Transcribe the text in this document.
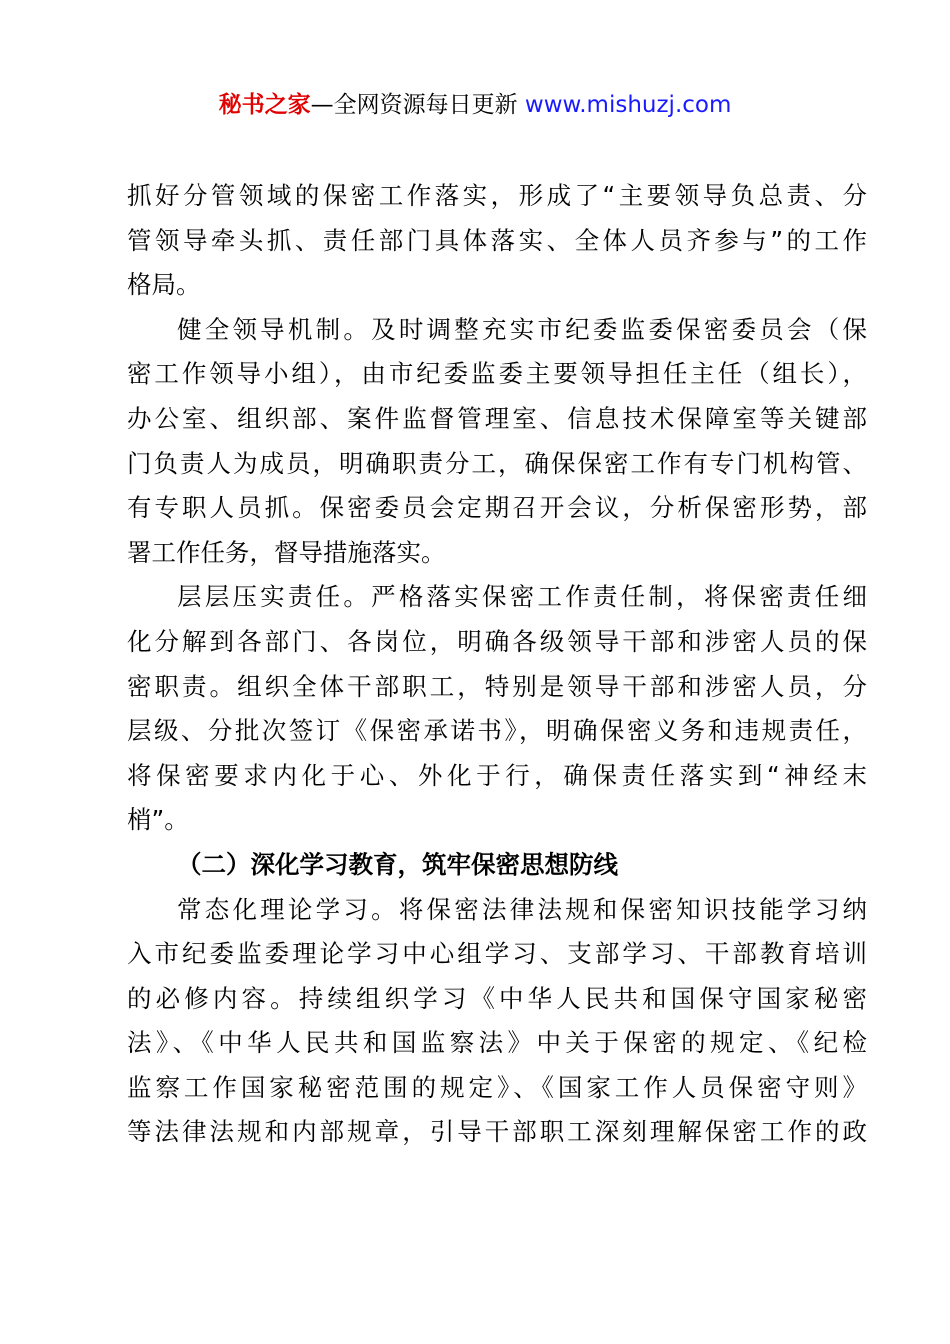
秘书之家—全网资源每日更新 www.mishuzj.com
抓好分管领域的保密工作落实，形成了“主要领导负总责、分
管领导牵头抓、责任部门具体落实、全体人员齐参与”的工作
格局。
健全领导机制。及时调整充实市纪委监委保密委员会（保
密工作领导小组），由市纪委监委主要领导担任主任（组长），
办公室、组织部、案件监督管理室、信息技术保障室等关键部
门负责人为成员，明确职责分工，确保保密工作有专门机构管、
有专职人员抓。保密委员会定期召开会议，分析保密形势，部
署工作任务，督导措施落实。
层层压实责任。严格落实保密工作责任制，将保密责任细
化分解到各部门、各岗位，明确各级领导干部和涉密人员的保
密职责。组织全体干部职工，特别是领导干部和涉密人员，分
层级、分批次签订《保密承诺书》，明确保密义务和违规责任，
将保密要求内化于心、外化于行，确保责任落实到“神经末
梢”。
（二）深化学习教育，筑牢保密思想防线
常态化理论学习。将保密法律法规和保密知识技能学习纳
入市纪委监委理论学习中心组学习、支部学习、干部教育培训
的必修内容。持续组织学习《中华人民共和国保守国家秘密
法》、《中华人民共和国监察法》中关于保密的规定、《纪检
监察工作国家秘密范围的规定》、《国家工作人员保密守则》
等法律法规和内部规章，引导干部职工深刻理解保密工作的政
